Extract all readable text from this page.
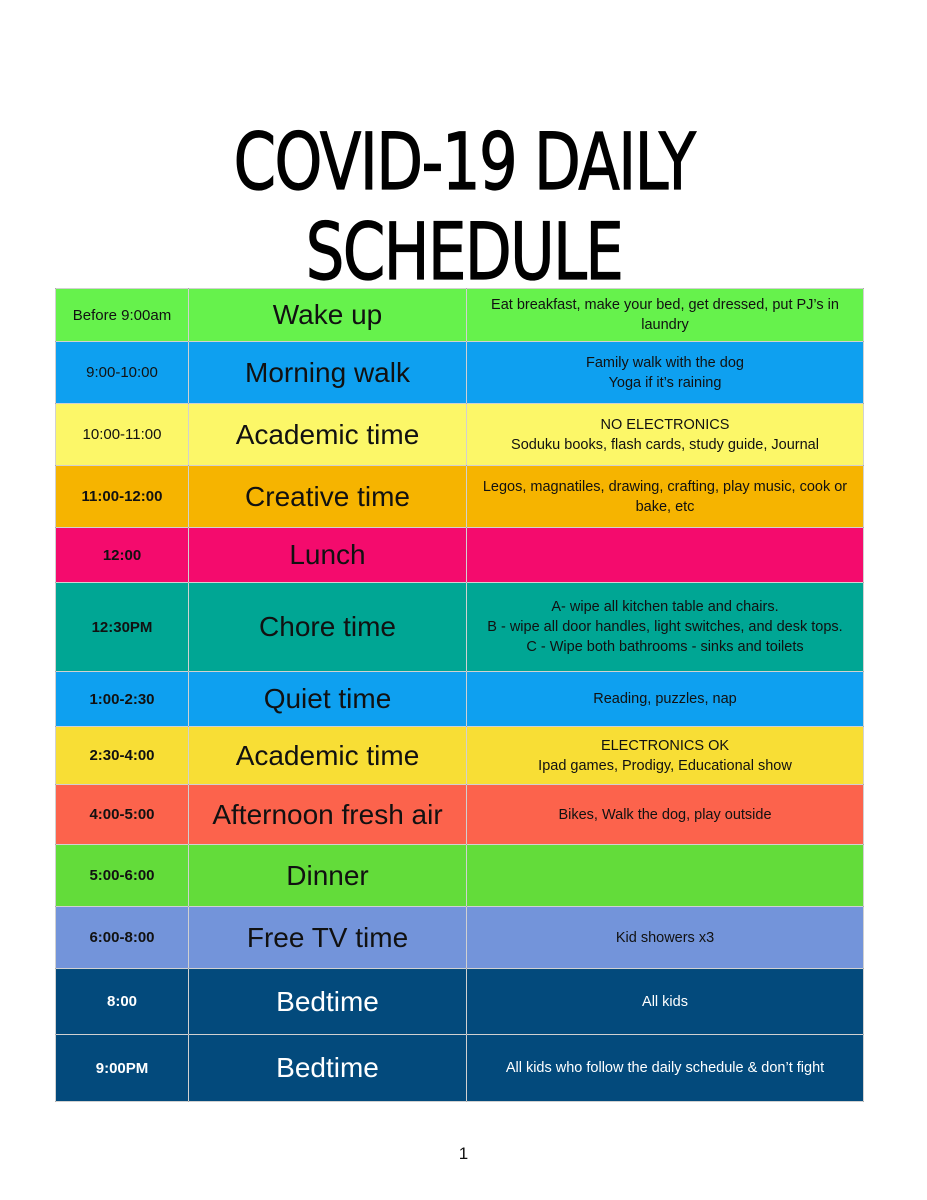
COVID-19 DAILY SCHEDULE
Before 9:00am	Wake up	Eat breakfast, make your bed, get dressed, put PJ’s in
laundry

9:00-10:00	Morning walk	Family walk with the dog
Yoga if it’s raining

10:00-11:00	Academic time	NO ELECTRONICS
Soduku books, flash cards, study guide, Journal

11:00-12:00	Creative time	Legos, magnatiles, drawing, crafting, play music, cook or
bake, etc

12:00	Lunch	
12:30PM	Chore time	A- wipe all kitchen table and chairs.
B - wipe all door handles, light switches, and desk tops.
C - Wipe both bathrooms - sinks and toilets

1:00-2:30	Quiet time	Reading, puzzles, nap

2:30-4:00	Academic time	ELECTRONICS OK
Ipad games, Prodigy, Educational show

4:00-5:00	Afternoon fresh air	Bikes, Walk the dog, play outside

5:00-6:00	Dinner	
6:00-8:00	Free TV time	Kid showers x3

8:00	Bedtime	All kids

9:00PM	Bedtime	All kids who follow the daily schedule & don’t fight
1
